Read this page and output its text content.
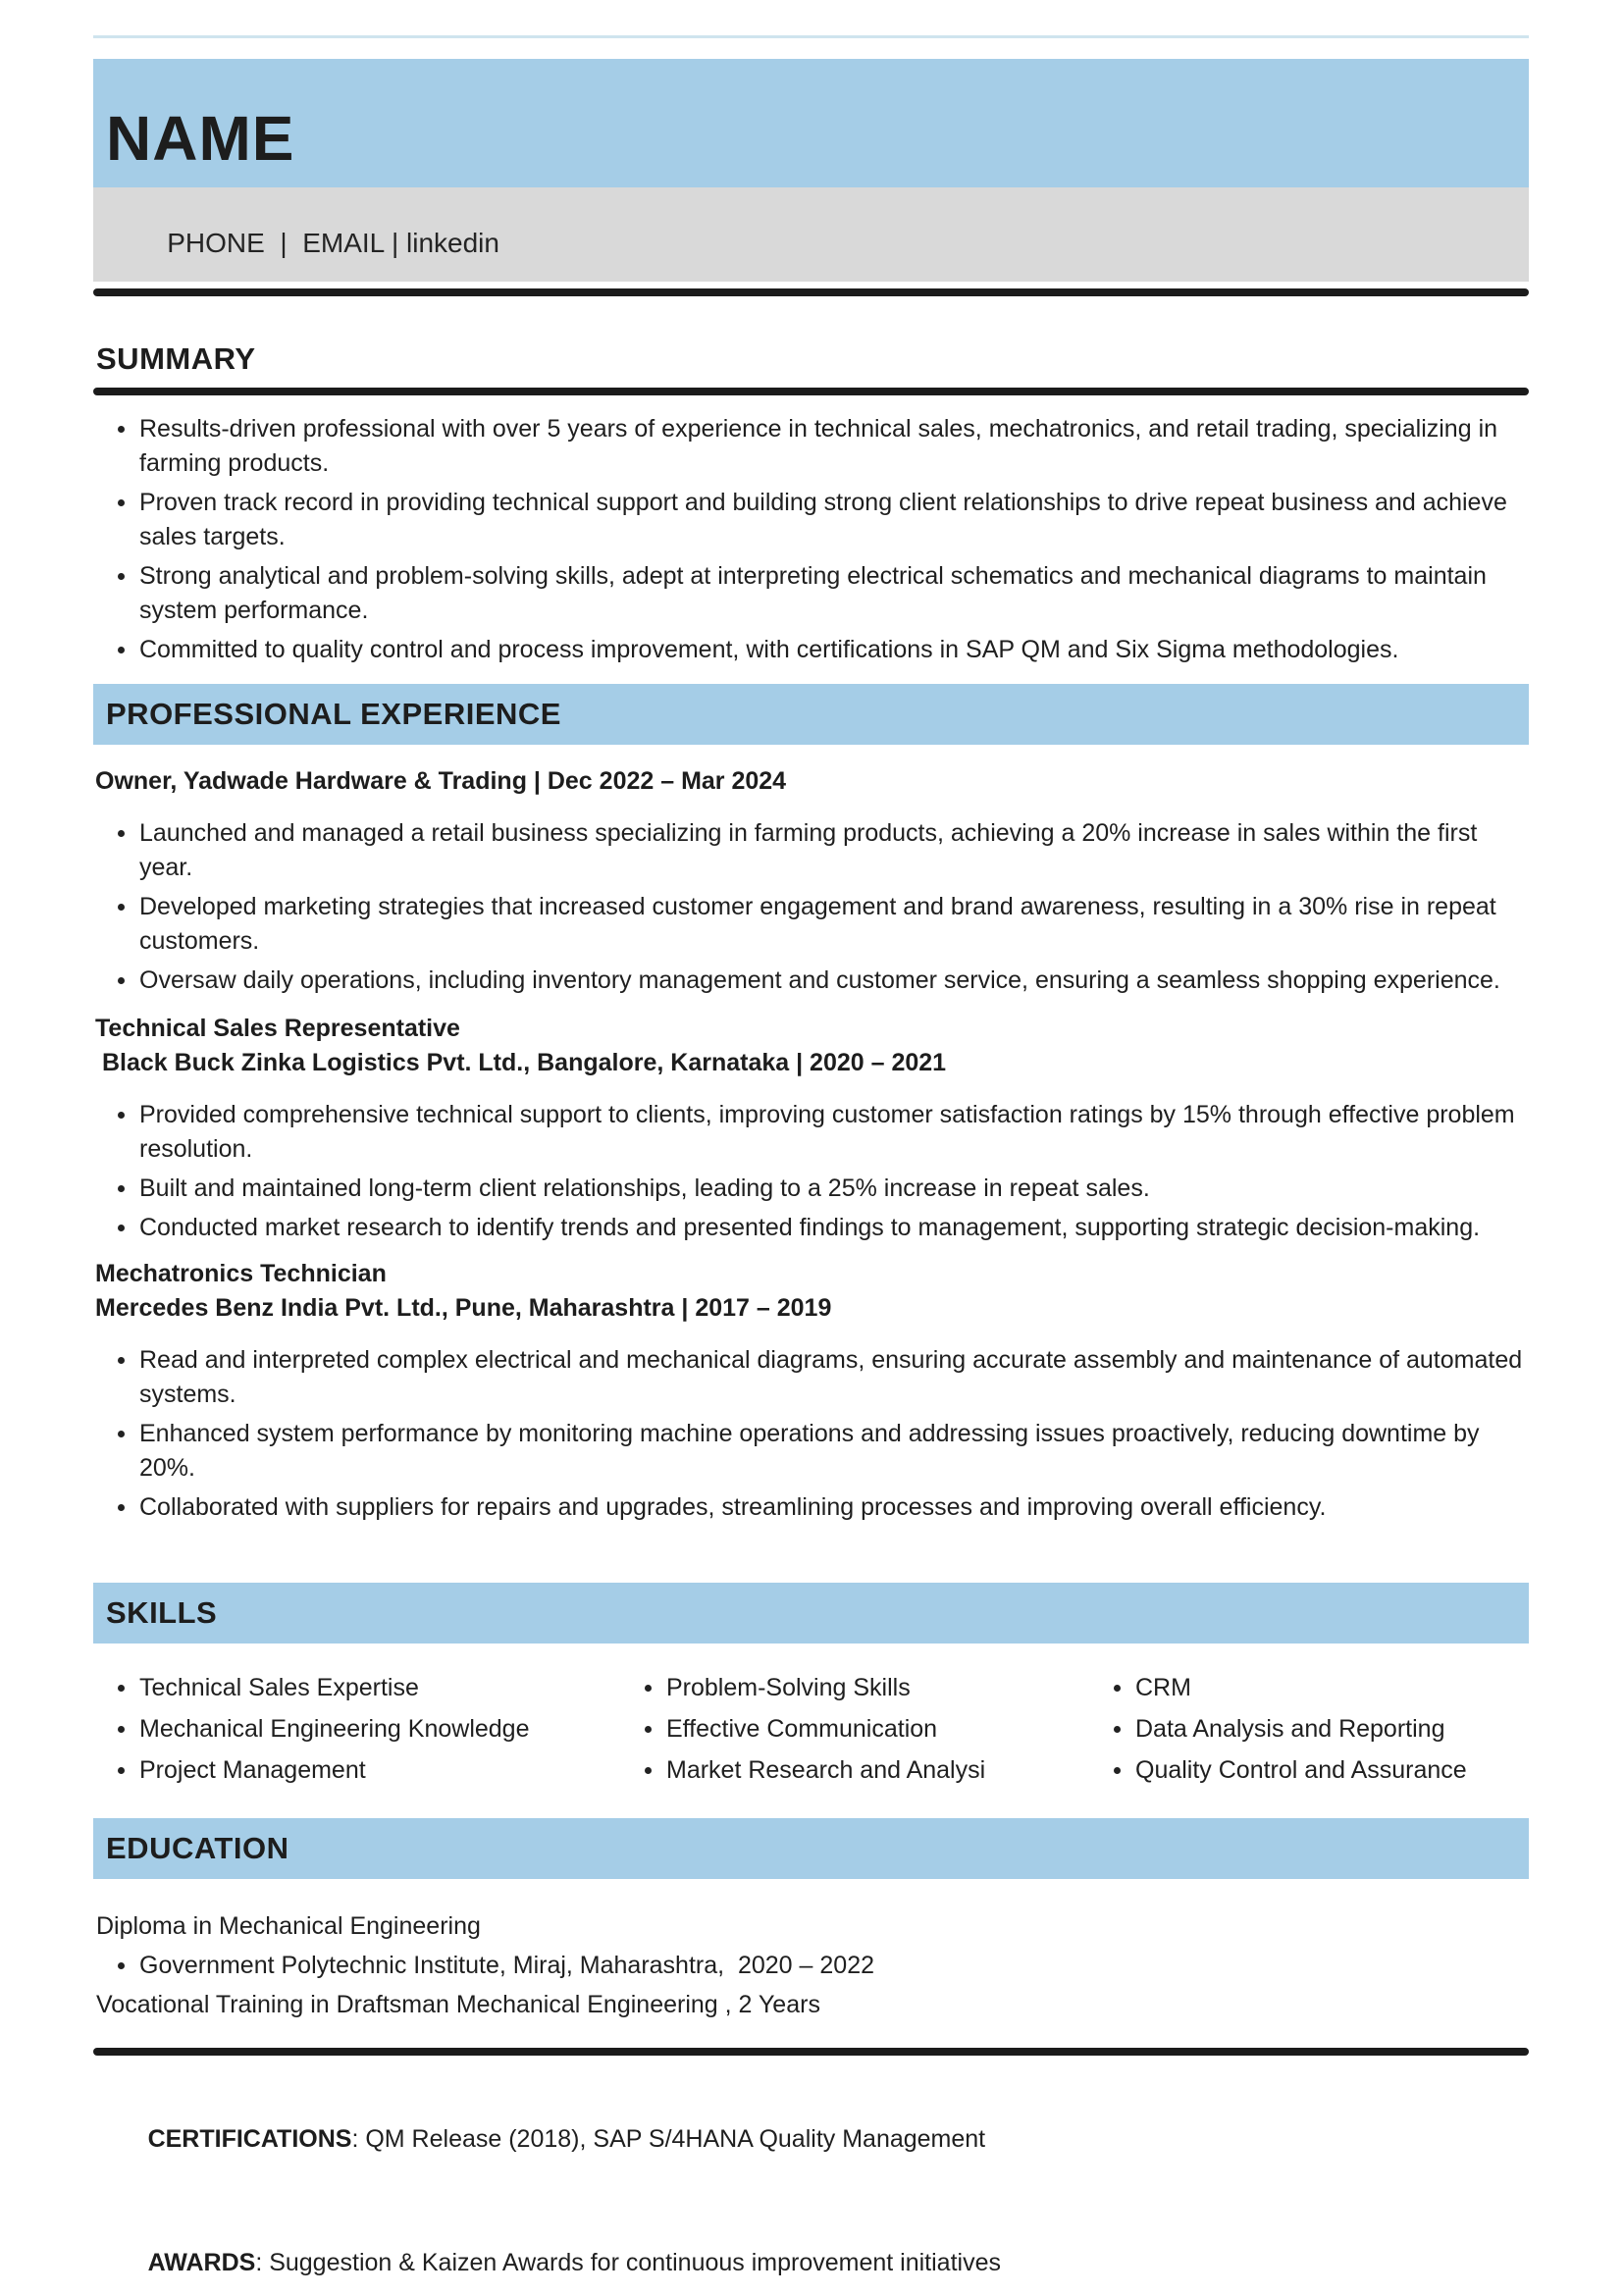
NAME

PHONE  |  EMAIL | linkedin

SUMMARY
Results-driven professional with over 5 years of experience in technical sales, mechatronics, and retail trading, specializing in farming products.
Proven track record in providing technical support and building strong client relationships to drive repeat business and achieve sales targets.
Strong analytical and problem-solving skills, adept at interpreting electrical schematics and mechanical diagrams to maintain system performance.
Committed to quality control and process improvement, with certifications in SAP QM and Six Sigma methodologies.
PROFESSIONAL EXPERIENCE
Owner, Yadwade Hardware & Trading | Dec 2022 – Mar 2024
Launched and managed a retail business specializing in farming products, achieving a 20% increase in sales within the first year.
Developed marketing strategies that increased customer engagement and brand awareness, resulting in a 30% rise in repeat customers.
Oversaw daily operations, including inventory management and customer service, ensuring a seamless shopping experience.
Technical Sales Representative
Black Buck Zinka Logistics Pvt. Ltd., Bangalore, Karnataka | 2020 – 2021
Provided comprehensive technical support to clients, improving customer satisfaction ratings by 15% through effective problem resolution.
Built and maintained long-term client relationships, leading to a 25% increase in repeat sales.
Conducted market research to identify trends and presented findings to management, supporting strategic decision-making.
Mechatronics Technician
Mercedes Benz India Pvt. Ltd., Pune, Maharashtra | 2017 – 2019
Read and interpreted complex electrical and mechanical diagrams, ensuring accurate assembly and maintenance of automated systems.
Enhanced system performance by monitoring machine operations and addressing issues proactively, reducing downtime by 20%.
Collaborated with suppliers for repairs and upgrades, streamlining processes and improving overall efficiency.
SKILLS
Technical Sales Expertise
Mechanical Engineering Knowledge
Project Management
Problem-Solving Skills
Effective Communication
Market Research and Analysi
CRM
Data Analysis and Reporting
Quality Control and Assurance
EDUCATION
Diploma in Mechanical Engineering
Government Polytechnic Institute, Miraj, Maharashtra,  2020 – 2022
Vocational Training in Draftsman Mechanical Engineering , 2 Years

CERTIFICATIONS: QM Release (2018), SAP S/4HANA Quality Management

AWARDS: Suggestion & Kaizen Awards for continuous improvement initiatives
